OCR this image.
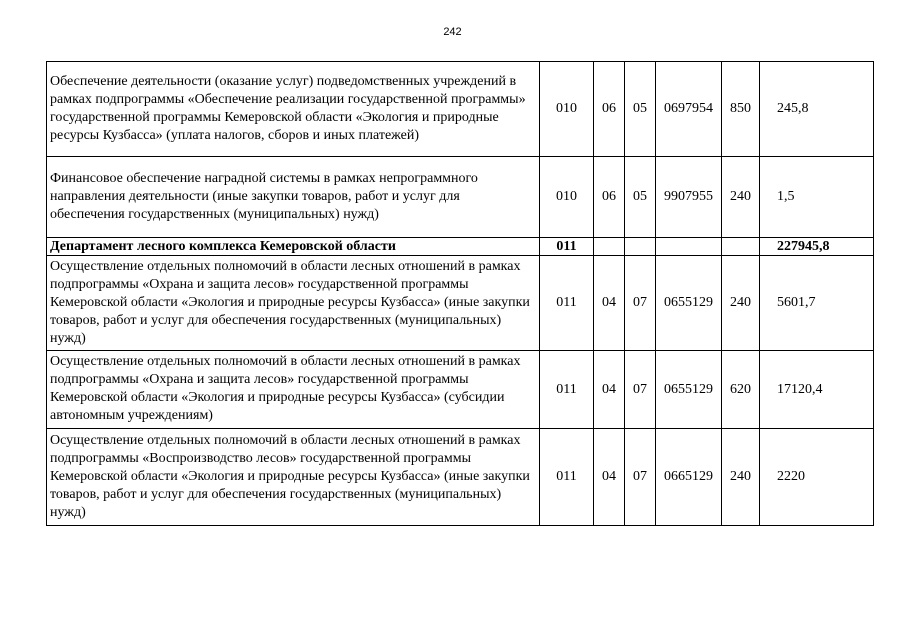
242
Обеспечение деятельности (оказание услуг) подведомственных учреждений в рамках подпрограммы «Обеспечение реализации государственной программы» государственной программы Кемеровской области «Экология и природные ресурсы Кузбасса» (уплата налогов, сборов и иных платежей)	010	06	05	0697954	850	245,8
Финансовое обеспечение наградной системы в рамках непрограммного направления деятельности (иные закупки товаров, работ и услуг для обеспечения государственных (муниципальных) нужд)	010	06	05	9907955	240	1,5
Департамент лесного комплекса Кемеровской области	011					227945,8
Осуществление отдельных полномочий в области лесных отношений в рамках подпрограммы «Охрана и защита лесов» государственной программы Кемеровской области «Экология и природные ресурсы Кузбасса» (иные закупки товаров, работ и услуг для обеспечения государственных (муниципальных) нужд)	011	04	07	0655129	240	5601,7
Осуществление отдельных полномочий в области лесных отношений в рамках подпрограммы «Охрана и защита лесов» государственной программы Кемеровской области «Экология и природные ресурсы Кузбасса» (субсидии автономным учреждениям)	011	04	07	0655129	620	17120,4
Осуществление отдельных полномочий в области лесных отношений в рамках подпрограммы «Воспроизводство лесов» государственной программы Кемеровской области «Экология и природные ресурсы Кузбасса» (иные закупки товаров, работ и услуг для обеспечения государственных (муниципальных) нужд)	011	04	07	0665129	240	2220
